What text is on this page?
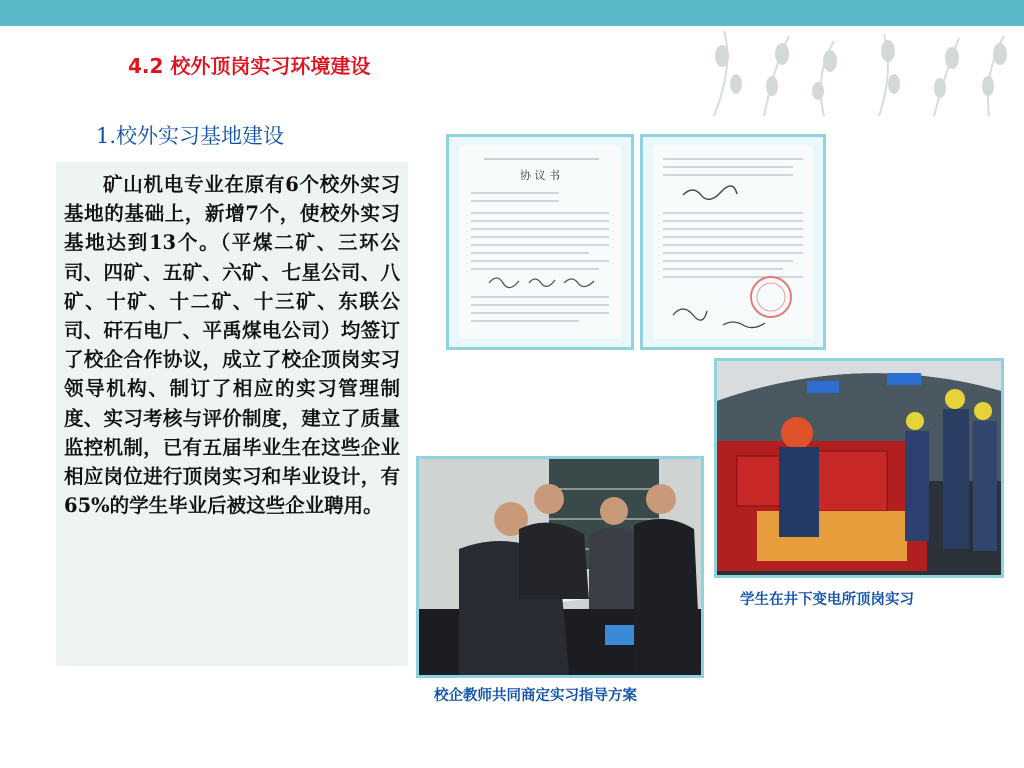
4.2 校外顶岗实习环境建设
1.校外实习基地建设
矿山机电专业在原有6个校外实习基地的基础上，新增7个，使校外实习基地达到13个。（平煤二矿、三环公司、四矿、五矿、六矿、七星公司、八矿、十矿、十二矿、十三矿、东联公司、矸石电厂、平禹煤电公司）均签订了校企合作协议，成立了校企顶岗实习领导机构、制订了相应的实习管理制度、实习考核与评价制度，建立了质量监控机制，已有五届毕业生在这些企业相应岗位进行顶岗实习和毕业设计，有65%的学生毕业后被这些企业聘用。
协 议 书
学生在井下变电所顶岗实习
校企教师共同商定实习指导方案
